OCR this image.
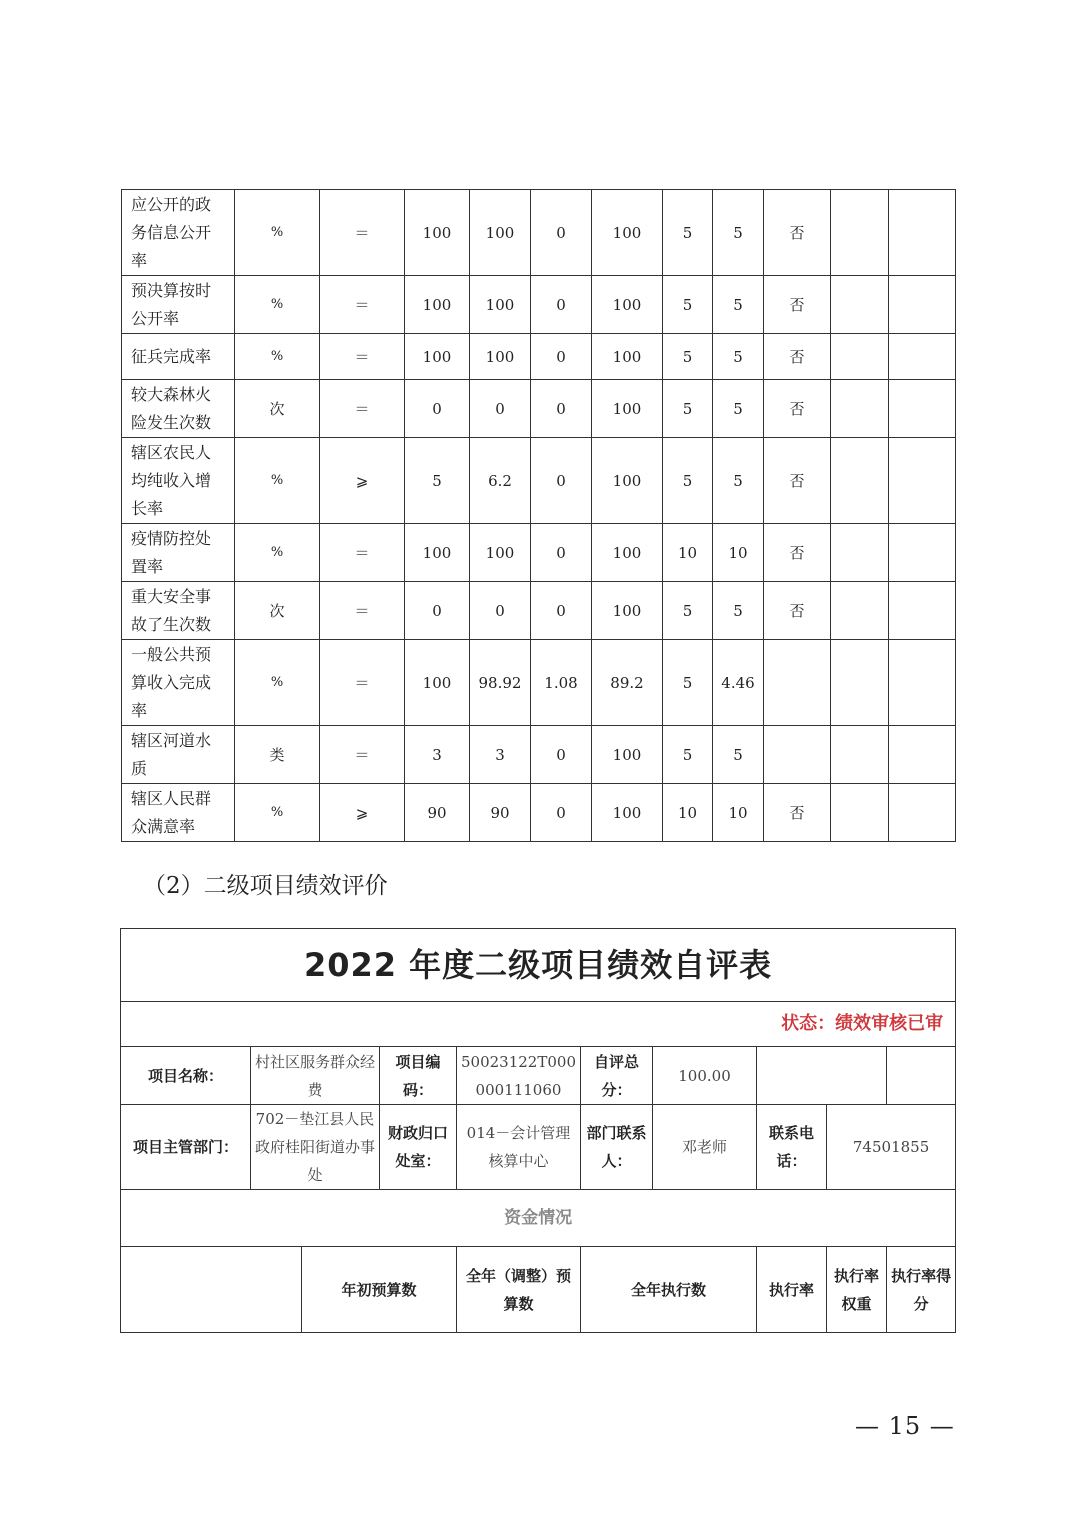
应公开的政务信息公开率	%	＝	100	100	0	100	5	5	否		
预决算按时公开率	%	＝	100	100	0	100	5	5	否		
征兵完成率	%	＝	100	100	0	100	5	5	否		
较大森林火险发生次数	次	＝	0	0	0	100	5	5	否		
辖区农民人均纯收入增长率	%	⩾	5	6.2	0	100	5	5	否		
疫情防控处置率	%	＝	100	100	0	100	10	10	否		
重大安全事故了生次数	次	＝	0	0	0	100	5	5	否		
一般公共预算收入完成率	%	＝	100	98.92	1.08	89.2	5	4.46			
辖区河道水质	类	＝	3	3	0	100	5	5			
辖区人民群众满意率	%	⩾	90	90	0	100	10	10	否		
（2）二级项目绩效评价
2022 年度二级项目绩效自评表									
状态：绩效审核已审									
项目名称：	村社区服务群众经费		项目编码：	50023122T000000111060	自评总分：	100.00			
项目主管部门：	702－垫江县人民政府桂阳街道办事处		财政归口处室：	014－会计管理核算中心	部门联系人：	邓老师	联系电话：	74501855	
资金情况									
		年初预算数		全年（调整）预算数	全年执行数		执行率	执行率权重	执行率得分
— 15 —
